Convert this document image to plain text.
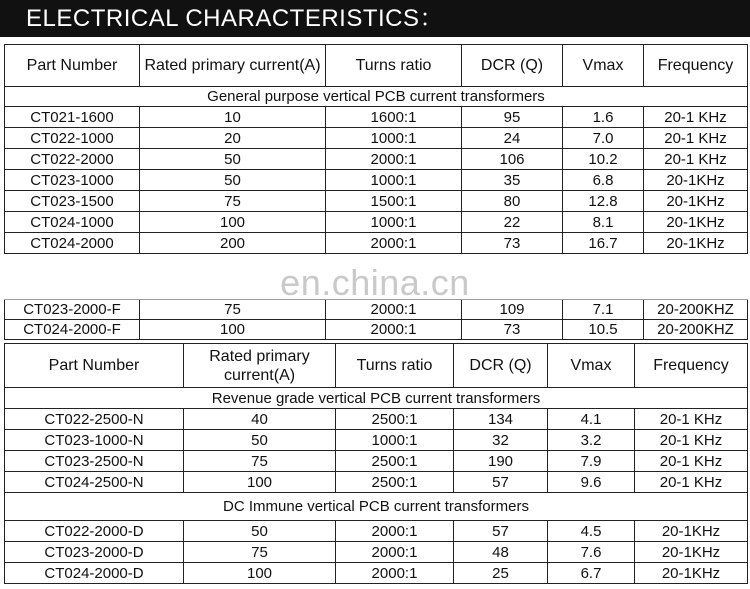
ELECTRICAL CHARACTERISTICS：
Part Number	Rated primary current(A)	Turns ratio	DCR (Q)	Vmax	Frequency
General purpose vertical PCB current transformers					
CT021-1600	10	1600:1	95	1.6	20-1 KHz
CT022-1000	20	1000:1	24	7.0	20-1 KHz
CT022-2000	50	2000:1	106	10.2	20-1 KHz
CT023-1000	50	1000:1	35	6.8	20-1KHz
CT023-1500	75	1500:1	80	12.8	20-1KHz
CT024-1000	100	1000:1	22	8.1	20-1KHz
CT024-2000	200	2000:1	73	16.7	20-1KHz

CT023-2000-F	75	2000:1	109	7.1	20-200KHZ
CT024-2000-F	100	2000:1	73	10.5	20-200KHZ
Part Number	Rated primary current(A)	Turns ratio	DCR (Q)	Vmax	Frequency
Revenue grade vertical PCB current transformers					
CT022-2500-N	40	2500:1	134	4.1	20-1 KHz
CT023-1000-N	50	1000:1	32	3.2	20-1 KHz
CT023-2500-N	75	2500:1	190	7.9	20-1 KHz
CT024-2500-N	100	2500:1	57	9.6	20-1 KHz
DC Immune vertical PCB current transformers					
CT022-2000-D	50	2000:1	57	4.5	20-1KHz
CT023-2000-D	75	2000:1	48	7.6	20-1KHz
CT024-2000-D	100	2000:1	25	6.7	20-1KHz
en.china.cn
